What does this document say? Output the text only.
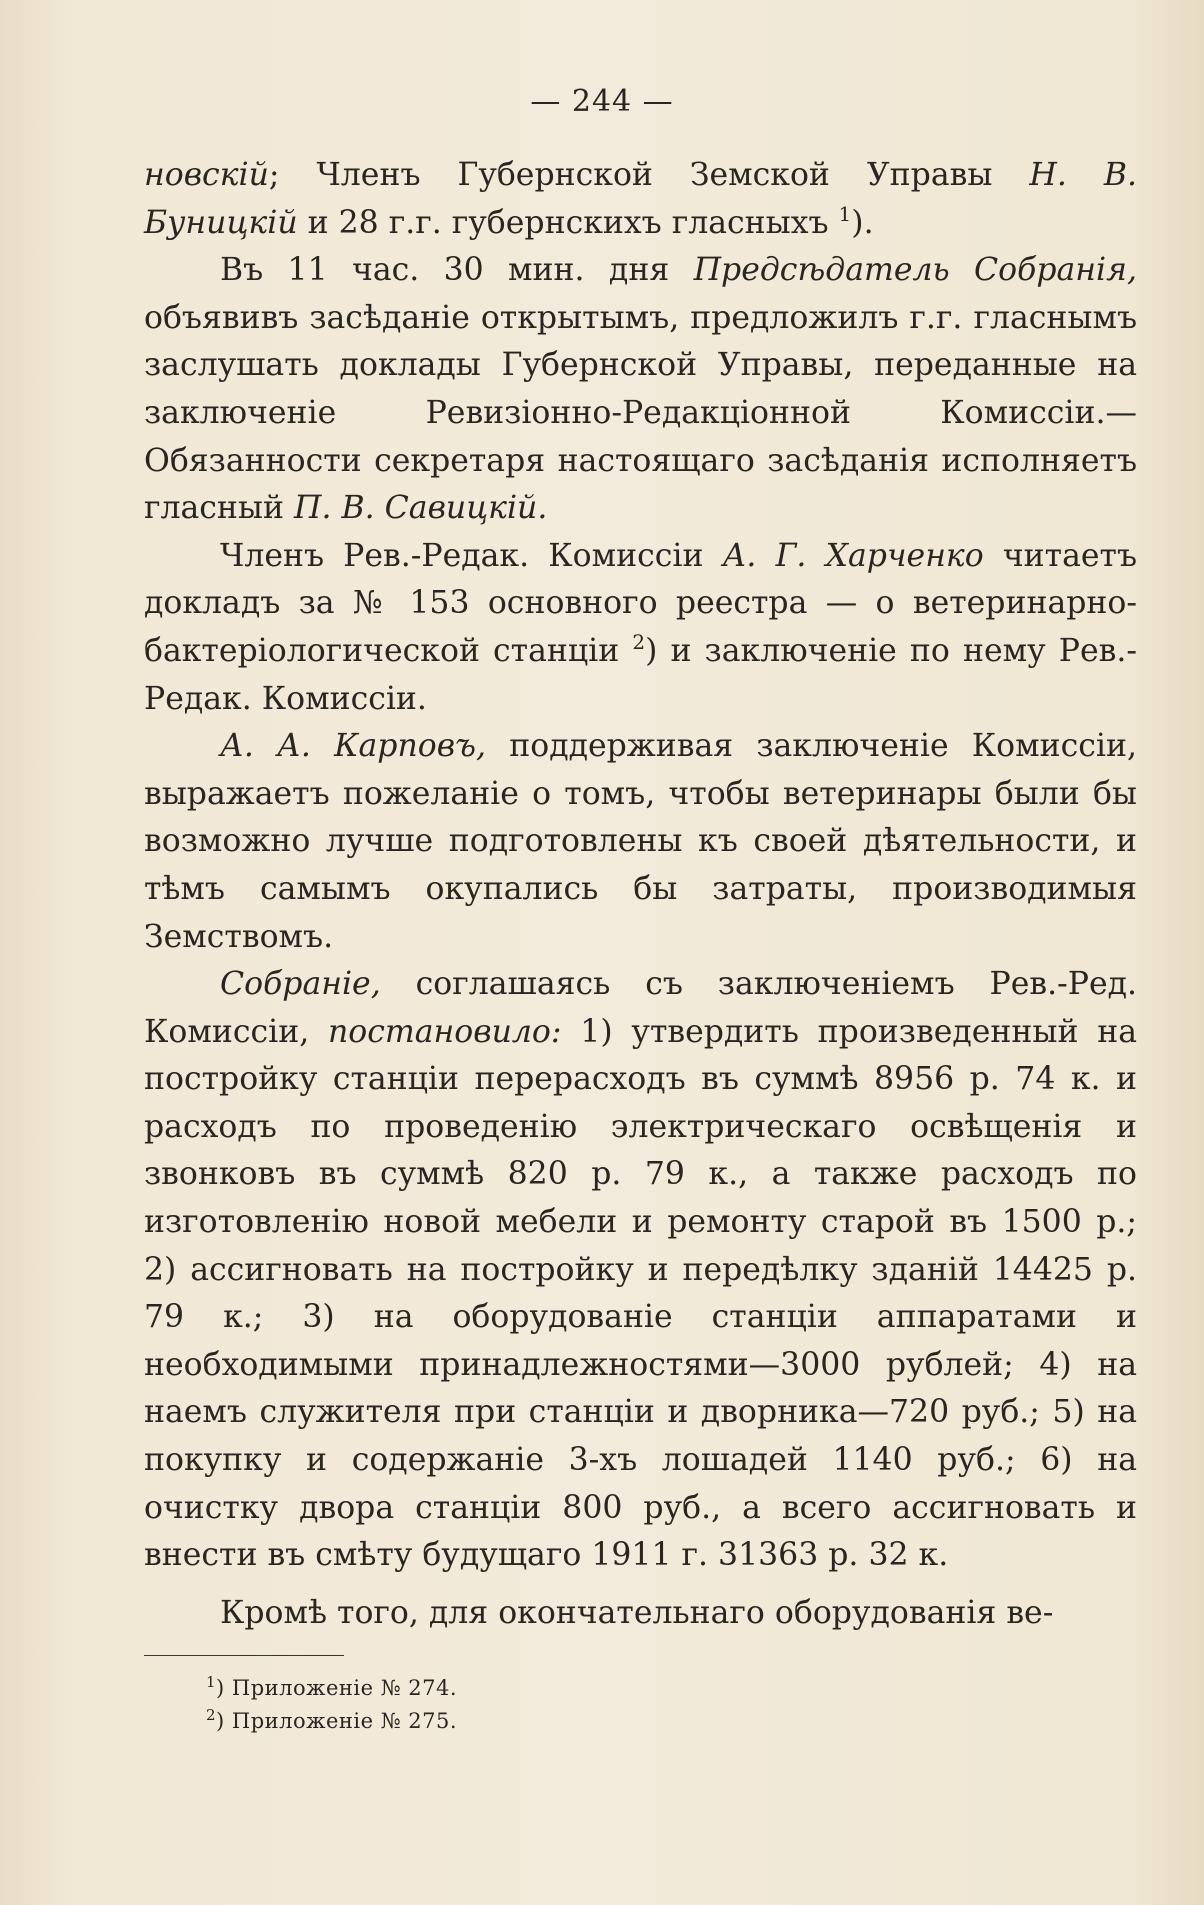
— 244 —

новскій; Членъ Губернской Земской Управы Н. В. Буницкій и 28 г.г. губернскихъ гласныхъ $^1$).

Въ 11 час. 30 мин. дня Предсѣдатель Собранія, объявивъ засѣданіе открытымъ, предложилъ г.г. гласнымъ заслушать доклады Губернской Управы, переданные на заключеніе Ревизіонно-Редакціонной Комиссіи.— Обязанности секретаря настоящаго засѣданія исполняетъ гласный П. В. Савицкій.

Членъ Рев.-Редак. Комиссіи А. Г. Харченко читаетъ докладъ за № 153 основного реестра — о ветеринарно-бактеріологической станціи $^2$) и заключеніе по нему Рев.-Редак. Комиссіи.

А. А. Карповъ, поддерживая заключеніе Комиссіи, выражаетъ пожеланіе о томъ, чтобы ветеринары были бы возможно лучше подготовлены къ своей дѣятельности, и тѣмъ самымъ окупались бы затраты, производимыя Земствомъ.

Собраніе, соглашаясь съ заключеніемъ Рев.-Ред. Комиссіи, постановило: 1) утвердить произведенный на постройку станціи перерасходъ въ суммѣ 8956 р. 74 к. и расходъ по проведенію электрическаго освѣщенія и звонковъ въ суммѣ 820 р. 79 к., а также расходъ по изготовленію новой мебели и ремонту старой въ 1500 р.; 2) ассигновать на постройку и передѣлку зданій 14425 р. 79 к.; 3) на оборудованіе станціи аппаратами и необходимыми принадлежностями—3000 рублей; 4) на наемъ служителя при станціи и дворника—720 руб.; 5) на покупку и содержаніе 3-хъ лошадей 1140 руб.; 6) на очистку двора станціи 800 руб., а всего ассигновать и внести въ смѣту будущаго 1911 г. 31363 р. 32 к.

Кромѣ того, для окончательнаго оборудованія ве-

$^1$) Приложеніе № 274.

$^2$) Приложеніе № 275.
